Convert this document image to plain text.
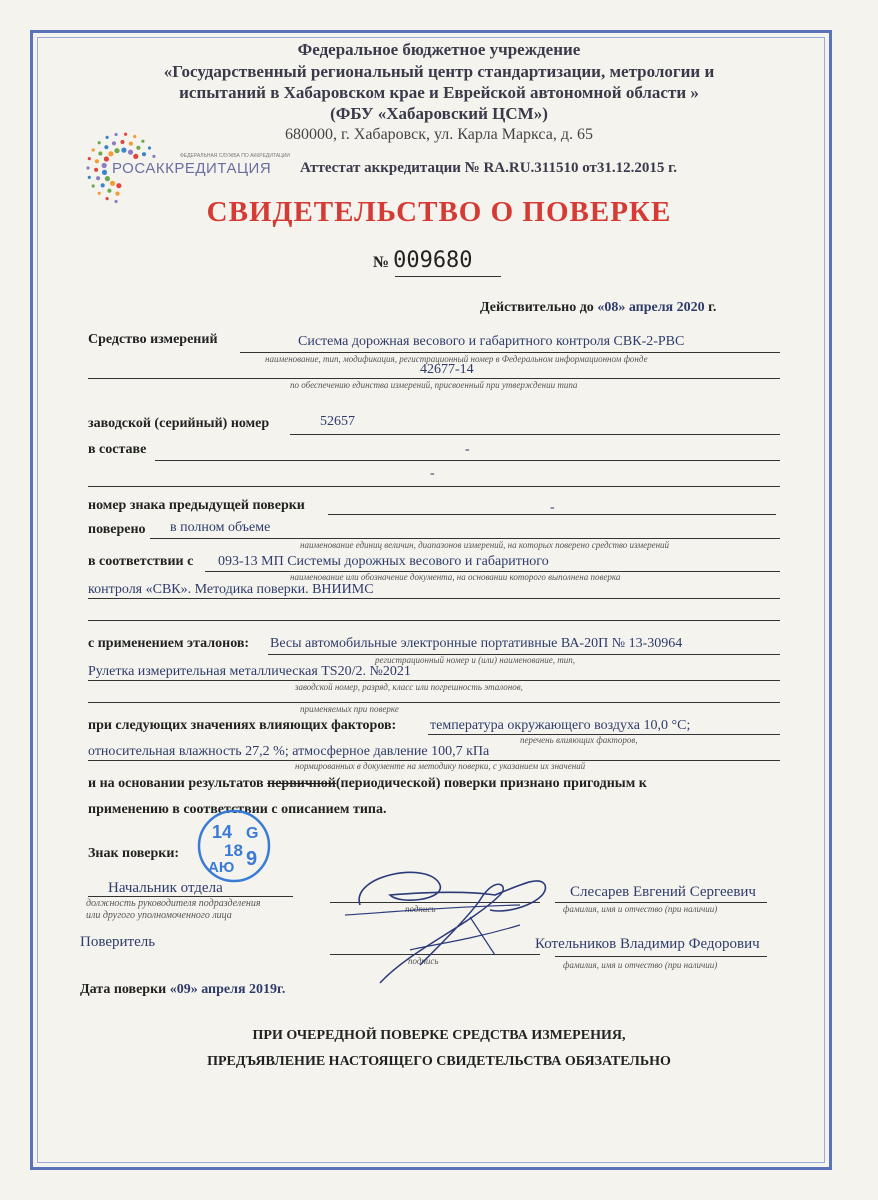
Федеральное бюджетное учреждение
«Государственный региональный центр стандартизации, метрологии и
испытаний в Хабаровском крае и Еврейской автономной области »
(ФБУ «Хабаровский ЦСМ»)
680000, г. Хабаровск, ул. Карла Маркса, д. 65
ФЕДЕРАЛЬНАЯ СЛУЖБА ПО АККРЕДИТАЦИИ
РОСАККРЕДИТАЦИЯ Аттестат аккредитации № RA.RU.311510 от31.12.2015 г.
СВИДЕТЕЛЬСТВО О ПОВЕРКЕ
№ 009680
Действительно до «08» апреля 2020 г.
Средство измерений	Система дорожная весового и габаритного контроля СВК-2-РВС
наименование, тип, модификация, регистрационный номер в Федеральном информационном фонде
42677-14
по обеспечению единства измерений, присвоенный при утверждении типа
заводской (серийный) номер	52657
в составе	-
-
номер знака предыдущей поверки	-
поверено в полном объеме
наименование единиц величин, диапазонов измерений, на которых поверено средство измерений
в соответствии с 093-13 МП Системы дорожных весового и габаритного
наименование или обозначение документа, на основании которого выполнена поверка
контроля «СВК». Методика поверки. ВНИИМС
с применением эталонов: Весы автомобильные электронные портативные ВА-20П № 13-30964
регистрационный номер и (или) наименование, тип,
Рулетка измерительная металлическая TS20/2. №2021
заводской номер, разряд, класс или погрешность эталонов,
применяемых при поверке
при следующих значениях влияющих факторов: температура окружающего воздуха 10,0 °С;
перечень влияющих факторов,
относительная влажность 27,2 %; атмосферное давление 100,7 кПа
нормированных в документе на методику поверки, с указанием их значений
и на основании результатов первичной(периодической) поверки признано пригодным к
применению в соответствии с описанием типа.
Знак поверки:
14 G
18 9
АЮ
Начальник отдела
должность руководителя подразделения
или другого уполномоченного лица
подпись
Слесарев Евгений Сергеевич
фамилия, имя и отчество (при наличии)
Поверитель
подпись
Котельников Владимир Федорович
фамилия, имя и отчество (при наличии)
Дата поверки «09» апреля 2019г.
ПРИ ОЧЕРЕДНОЙ ПОВЕРКЕ СРЕДСТВА ИЗМЕРЕНИЯ,
ПРЕДЪЯВЛЕНИЕ НАСТОЯЩЕГО СВИДЕТЕЛЬСТВА ОБЯЗАТЕЛЬНО
